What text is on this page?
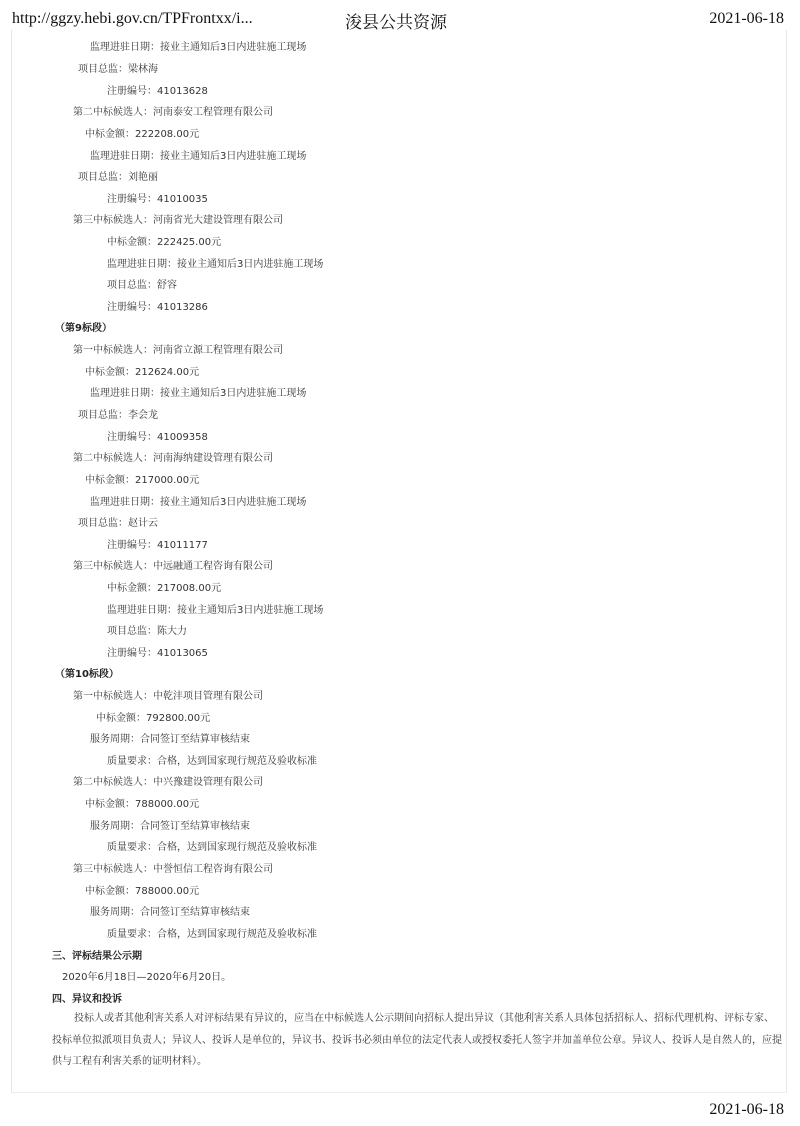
http://ggzy.hebi.gov.cn/TPFrontxx/i...	浚县公共资源	2021-06-18
监理进驻日期：接业主通知后3日内进驻施工现场
项目总监：梁林海
注册编号：41013628
第二中标候选人：河南泰安工程管理有限公司
中标金额：222208.00元
监理进驻日期：接业主通知后3日内进驻施工现场
项目总监：刘艳丽
注册编号：41010035
第三中标候选人：河南省光大建设管理有限公司
中标金额：222425.00元
监理进驻日期：接业主通知后3日内进驻施工现场
项目总监：舒容
注册编号：41013286
（第9标段）
第一中标候选人：河南省立源工程管理有限公司
中标金额：212624.00元
监理进驻日期：接业主通知后3日内进驻施工现场
项目总监：李会龙
注册编号：41009358
第二中标候选人：河南海纳建设管理有限公司
中标金额：217000.00元
监理进驻日期：接业主通知后3日内进驻施工现场
项目总监：赵计云
注册编号：41011177
第三中标候选人：中远融通工程咨询有限公司
中标金额：217008.00元
监理进驻日期：接业主通知后3日内进驻施工现场
项目总监：陈大力
注册编号：41013065
（第10标段）
第一中标候选人：中乾沣项目管理有限公司
中标金额：792800.00元
服务周期：合同签订至结算审核结束
质量要求：合格，达到国家现行规范及验收标准
第二中标候选人：中兴豫建设管理有限公司
中标金额：788000.00元
服务周期：合同签订至结算审核结束
质量要求：合格，达到国家现行规范及验收标准
第三中标候选人：中誉恒信工程咨询有限公司
中标金额：788000.00元
服务周期：合同签订至结算审核结束
质量要求：合格，达到国家现行规范及验收标准
三、评标结果公示期
2020年6月18日—2020年6月20日。
四、异议和投诉
投标人或者其他利害关系人对评标结果有异议的，应当在中标候选人公示期间向招标人提出异议（其他利害关系人具体包括招标人、招标代理机构、评标专家、投标单位拟派项目负责人；异议人、投诉人是单位的，异议书、投诉书必须由单位的法定代表人或授权委托人签字并加盖单位公章。异议人、投诉人是自然人的，应提供与工程有利害关系的证明材料）。
2021-06-18
